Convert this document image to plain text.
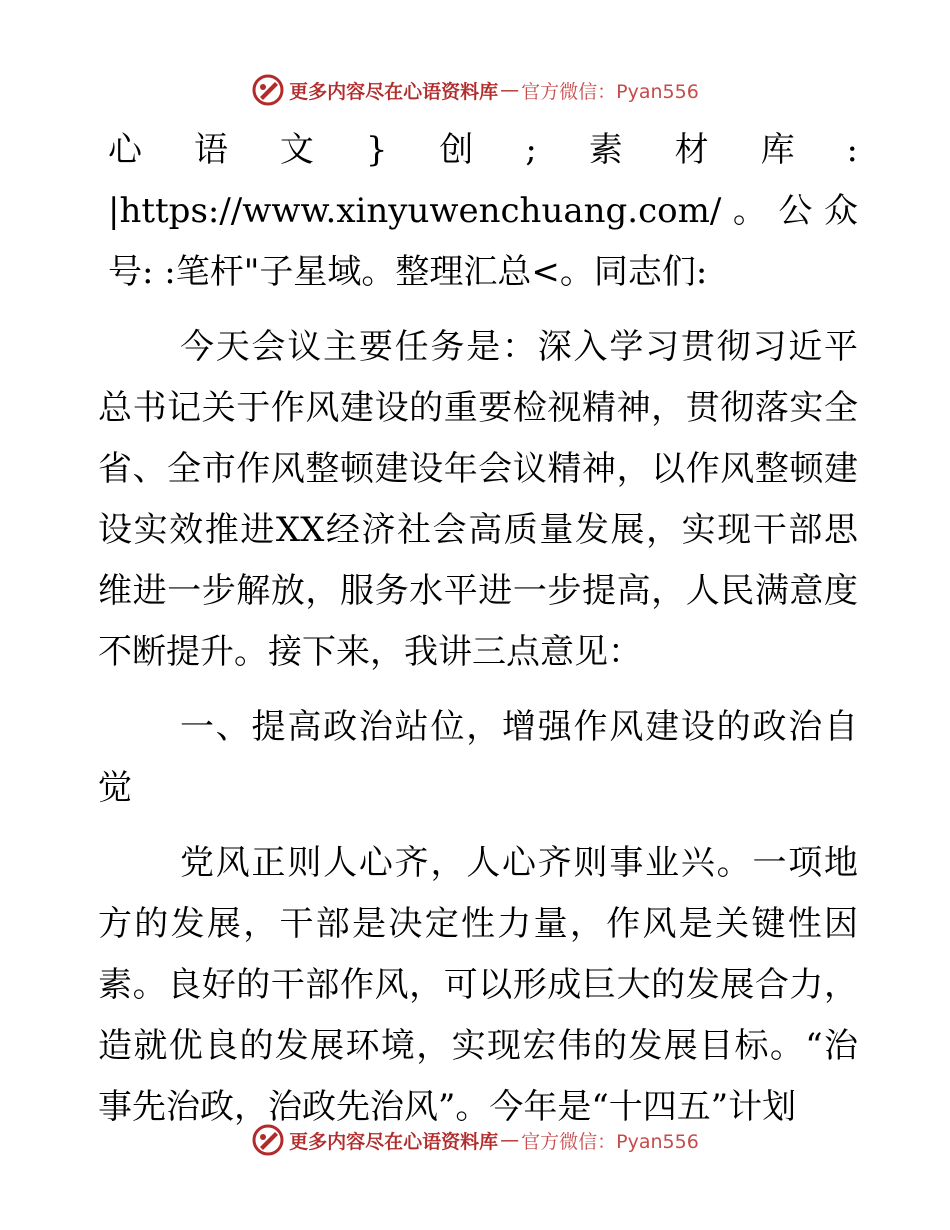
更多内容尽在心语资料库 — 官方微信：Pyan556

心语文}创;素材库: |https://www.xinyuwenchuang.com/。公众号: :笔杆"子星域。整理汇总<。同志们:

今天会议主要任务是：深入学习贯彻习近平总书记关于作风建设的重要检视精神，贯彻落实全省、全市作风整顿建设年会议精神，以作风整顿建设实效推进XX经济社会高质量发展，实现干部思维进一步解放，服务水平进一步提高，人民满意度不断提升。接下来，我讲三点意见：

一、提高政治站位，增强作风建设的政治自觉

党风正则人心齐，人心齐则事业兴。一项地方的发展，干部是决定性力量，作风是关键性因素。良好的干部作风，可以形成巨大的发展合力，造就优良的发展环境，实现宏伟的发展目标。“治事先治政，治政先治风”。今年是“十四五”计划

更多内容尽在心语资料库 — 官方微信：Pyan556
